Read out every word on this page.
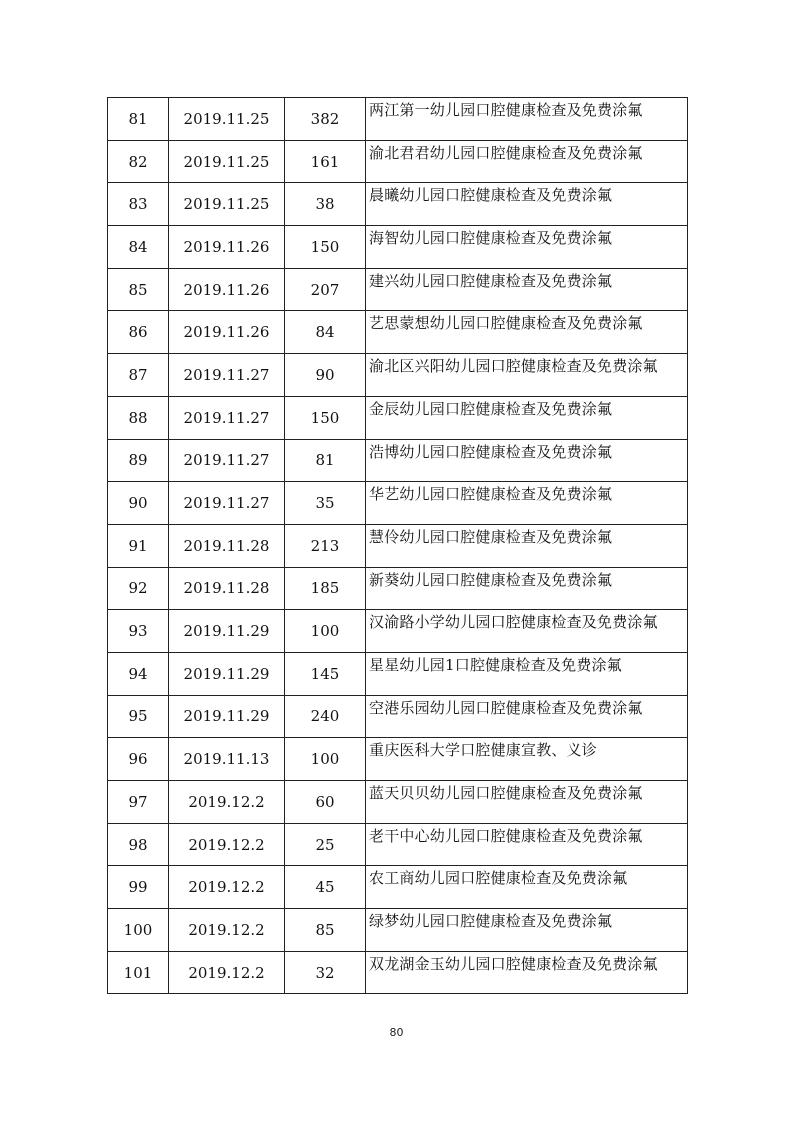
81	2019.11.25	382	两江第一幼儿园口腔健康检查及免费涂氟
82	2019.11.25	161	渝北君君幼儿园口腔健康检查及免费涂氟
83	2019.11.25	38	晨曦幼儿园口腔健康检查及免费涂氟
84	2019.11.26	150	海智幼儿园口腔健康检查及免费涂氟
85	2019.11.26	207	建兴幼儿园口腔健康检查及免费涂氟
86	2019.11.26	84	艺思蒙想幼儿园口腔健康检查及免费涂氟
87	2019.11.27	90	渝北区兴阳幼儿园口腔健康检查及免费涂氟
88	2019.11.27	150	金辰幼儿园口腔健康检查及免费涂氟
89	2019.11.27	81	浩博幼儿园口腔健康检查及免费涂氟
90	2019.11.27	35	华艺幼儿园口腔健康检查及免费涂氟
91	2019.11.28	213	慧伶幼儿园口腔健康检查及免费涂氟
92	2019.11.28	185	新葵幼儿园口腔健康检查及免费涂氟
93	2019.11.29	100	汉渝路小学幼儿园口腔健康检查及免费涂氟
94	2019.11.29	145	星星幼儿园1口腔健康检查及免费涂氟
95	2019.11.29	240	空港乐园幼儿园口腔健康检查及免费涂氟
96	2019.11.13	100	重庆医科大学口腔健康宣教、义诊
97	2019.12.2	60	蓝天贝贝幼儿园口腔健康检查及免费涂氟
98	2019.12.2	25	老干中心幼儿园口腔健康检查及免费涂氟
99	2019.12.2	45	农工商幼儿园口腔健康检查及免费涂氟
100	2019.12.2	85	绿梦幼儿园口腔健康检查及免费涂氟
101	2019.12.2	32	双龙湖金玉幼儿园口腔健康检查及免费涂氟
80
